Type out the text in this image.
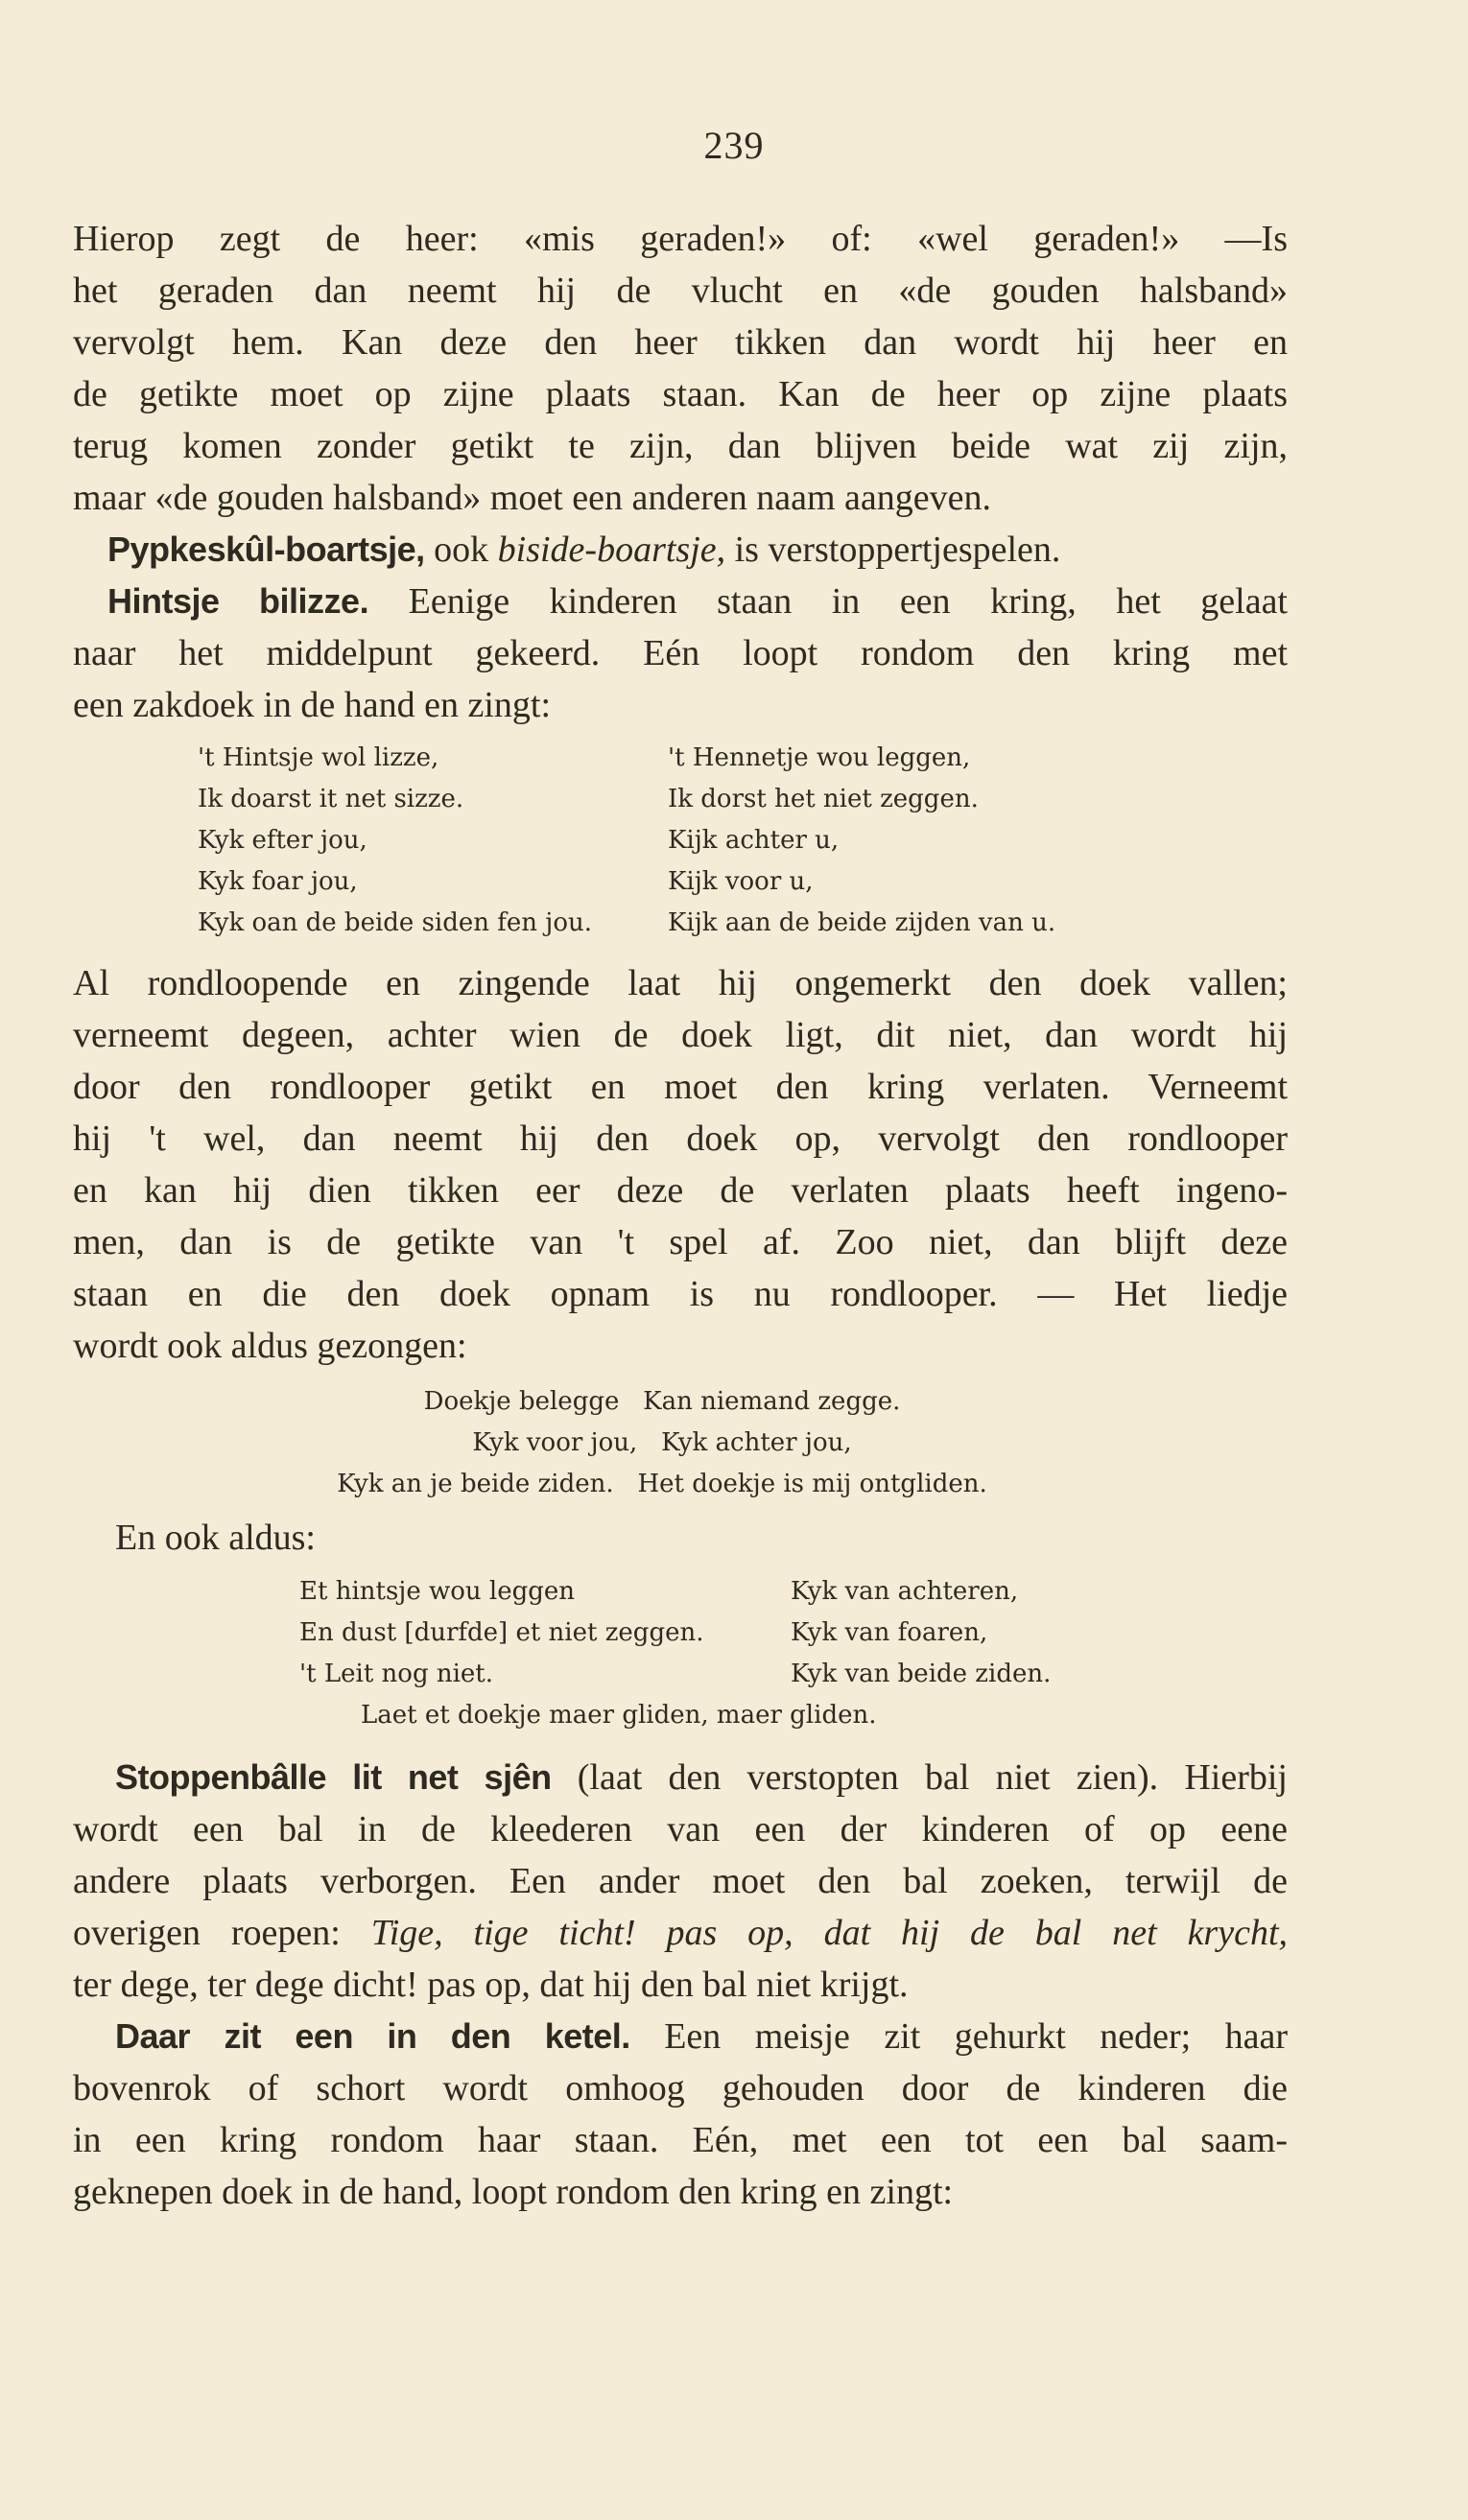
239
Hierop zegt de heer: «mis geraden!» of: «wel geraden!» —Is
het geraden dan neemt hij de vlucht en «de gouden halsband»
vervolgt hem. Kan deze den heer tikken dan wordt hij heer en
de getikte moet op zijne plaats staan. Kan de heer op zijne plaats
terug komen zonder getikt te zijn, dan blijven beide wat zij zijn,
maar «de gouden halsband» moet een anderen naam aangeven.
Pypkeskûl-boartsje, ook biside-boartsje, is verstoppertjespelen.
Hintsje bilizze. Eenige kinderen staan in een kring, het gelaat
naar het middelpunt gekeerd. Eén loopt rondom den kring met
een zakdoek in de hand en zingt:
't Hintsje wol lizze,	't Hennetje wou leggen,
Ik doarst it net sizze.	Ik dorst het niet zeggen.
Kyk efter jou,	Kijk achter u,
Kyk foar jou,	Kijk voor u,
Kyk oan de beide siden fen jou.	Kijk aan de beide zijden van u.
Al rondloopende en zingende laat hij ongemerkt den doek vallen;
verneemt degeen, achter wien de doek ligt, dit niet, dan wordt hij
door den rondlooper getikt en moet den kring verlaten. Verneemt
hij 't wel, dan neemt hij den doek op, vervolgt den rondlooper
en kan hij dien tikken eer deze de verlaten plaats heeft ingeno-
men, dan is de getikte van 't spel af. Zoo niet, dan blijft deze
staan en die den doek opnam is nu rondlooper. — Het liedje
wordt ook aldus gezongen:
Doekje belegge Kan niemand zegge.
Kyk voor jou, Kyk achter jou,
Kyk an je beide ziden. Het doekje is mij ontgliden.
En ook aldus:
Et hintsje wou leggen	Kyk van achteren,
En dust [durfde] et niet zeggen.	Kyk van foaren,
't Leit nog niet.	Kyk van beide ziden.
Laet et doekje maer gliden, maer gliden.
Stoppenbâlle lit net sjên (laat den verstopten bal niet zien). Hierbij
wordt een bal in de kleederen van een der kinderen of op eene
andere plaats verborgen. Een ander moet den bal zoeken, terwijl de
overigen roepen: Tige, tige ticht! pas op, dat hij de bal net krycht,
ter dege, ter dege dicht! pas op, dat hij den bal niet krijgt.
Daar zit een in den ketel. Een meisje zit gehurkt neder; haar
bovenrok of schort wordt omhoog gehouden door de kinderen die
in een kring rondom haar staan. Eén, met een tot een bal saam-
geknepen doek in de hand, loopt rondom den kring en zingt:
